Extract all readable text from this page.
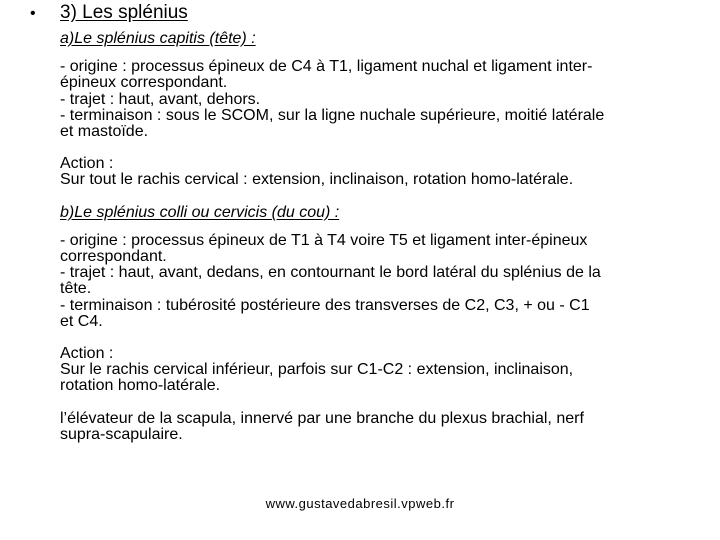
•	3) Les splénius

a)Le splénius capitis (tête) :

- origine : processus épineux de C4 à T1, ligament nuchal et ligament inter-

épineux correspondant.

- trajet : haut, avant, dehors.

- terminaison : sous le SCOM, sur la ligne nuchale supérieure, moitié latérale

et mastoïde.

Action :

Sur tout le rachis cervical : extension, inclinaison, rotation homo-latérale.

b)Le splénius colli ou cervicis (du cou) :

- origine : processus épineux de T1 à T4 voire T5 et ligament inter-épineux

correspondant.

- trajet : haut, avant, dedans, en contournant le bord latéral du splénius de la

tête.

- terminaison : tubérosité postérieure des transverses de C2, C3, + ou - C1

et C4.

Action :

Sur le rachis cervical inférieur, parfois sur C1-C2 : extension, inclinaison,

rotation homo-latérale.

l’élévateur de la scapula, innervé par une branche du plexus brachial, nerf

supra-scapulaire.

www.gustavedabresil.vpweb.fr
